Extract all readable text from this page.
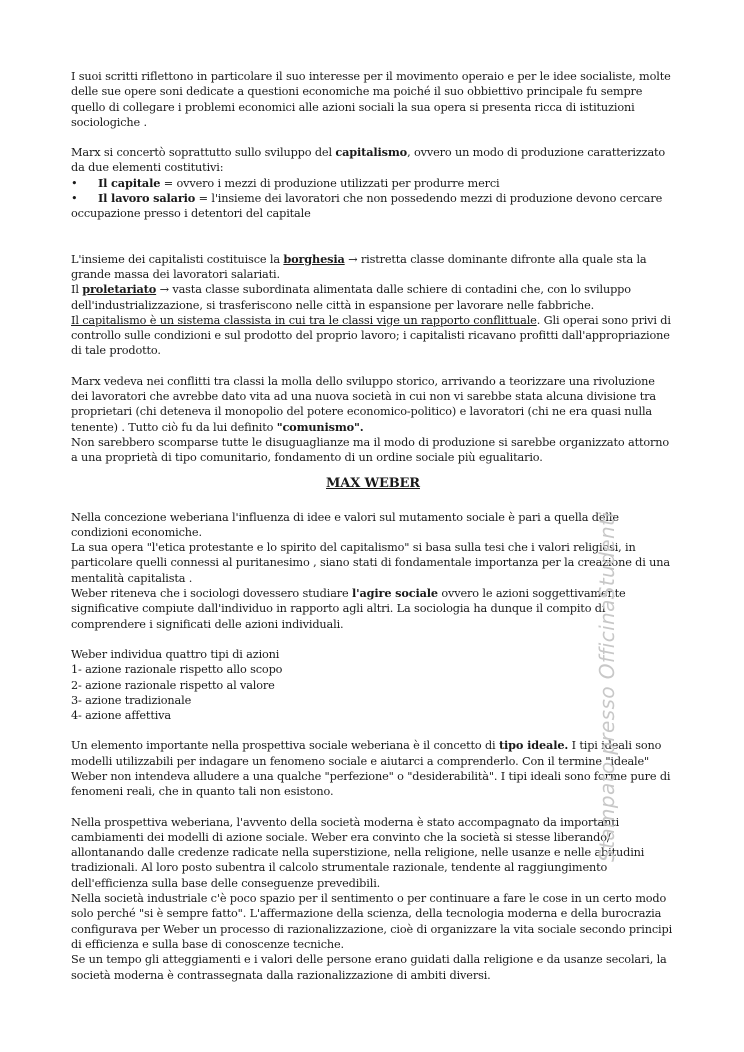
I suoi scritti riflettono in particolare il suo interesse per il movimento operaio e per le idee socialiste, molte delle sue opere soni dedicate a questioni economiche ma poiché il suo obbiettivo principale fu sempre quello di collegare i problemi economici alle azioni sociali la sua opera si presenta ricca di istituzioni sociologiche .

Marx si concertò soprattutto sullo sviluppo del capitalismo, ovvero un modo di produzione caratterizzato da due elementi costitutivi:

•	Il capitale = ovvero i mezzi di produzione utilizzati per produrre merci

• Il lavoro salario = l'insieme dei lavoratori che non possedendo mezzi di produzione devono cercare occupazione presso i detentori del capitale

L'insieme dei capitalisti costituisce la borghesia → ristretta classe dominante difronte alla quale sta la grande massa dei lavoratori salariati.

Il proletariato → vasta classe subordinata alimentata dalle schiere di contadini che, con lo sviluppo dell'industrializzazione, si trasferiscono nelle città in espansione per lavorare nelle fabbriche.

Il capitalismo è un sistema classista in cui tra le classi vige un rapporto conflittuale. Gli operai sono privi di controllo sulle condizioni e sul prodotto del proprio lavoro; i capitalisti ricavano profitti dall'appropriazione di tale prodotto.

Marx vedeva nei conflitti tra classi la molla dello sviluppo storico, arrivando a teorizzare una rivoluzione dei lavoratori che avrebbe dato vita ad una nuova società in cui non vi sarebbe stata alcuna divisione tra proprietari (chi deteneva il monopolio del potere economico-politico) e lavoratori (chi ne era quasi nulla tenente) . Tutto ciò fu da lui definito "comunismo".

Non sarebbero scomparse tutte le disuguaglianze ma il modo di produzione si sarebbe organizzato attorno a una proprietà di tipo comunitario, fondamento di un ordine sociale più egualitario.

MAX WEBER

Nella concezione weberiana l'influenza di idee e valori sul mutamento sociale è pari a quella delle condizioni economiche.

La sua opera "l'etica protestante e lo spirito del capitalismo" si basa sulla tesi che i valori religiosi, in particolare quelli connessi al puritanesimo , siano stati di fondamentale importanza per la creazione di una mentalità capitalista .

Weber riteneva che i sociologi dovessero studiare l'agire sociale ovvero le azioni soggettivamente significative compiute dall'individuo in rapporto agli altri. La sociologia ha dunque il compito di comprendere i significati delle azioni individuali.

Weber individua quattro tipi di azioni

1- azione razionale rispetto allo scopo

2- azione razionale rispetto al valore

3- azione tradizionale

4- azione affettiva

Un elemento importante nella prospettiva sociale weberiana è il concetto di tipo ideale. I tipi ideali sono modelli utilizzabili per indagare un fenomeno sociale e aiutarci a comprenderlo. Con il termine "ideale" Weber non intendeva alludere a una qualche "perfezione" o "desiderabilità". I tipi ideali sono forme pure di fenomeni reali, che in quanto tali non esistono.

Nella prospettiva weberiana, l'avvento della società moderna è stato accompagnato da importanti cambiamenti dei modelli di azione sociale. Weber era convinto che la società si stesse liberando/ allontanando dalle credenze radicate nella superstizione, nella religione, nelle usanze e nelle abitudini tradizionali. Al loro posto subentra il calcolo strumentale razionale, tendente al raggiungimento dell'efficienza sulla base delle conseguenze prevedibili.

Nella società industriale c'è poco spazio per il sentimento o per continuare a fare le cose in un certo modo solo perché "si è sempre fatto". L'affermazione della scienza, della tecnologia moderna e della burocrazia configurava per Weber un processo di razionalizzazione, cioè di organizzare la vita sociale secondo principi di efficienza e sulla base di conoscenze tecniche.

Se un tempo gli atteggiamenti e i valori delle persone erano guidati dalla religione e da usanze secolari, la società moderna è contrassegnata dalla razionalizzazione di ambiti diversi.

Stampato presso OfficinaStudenti
